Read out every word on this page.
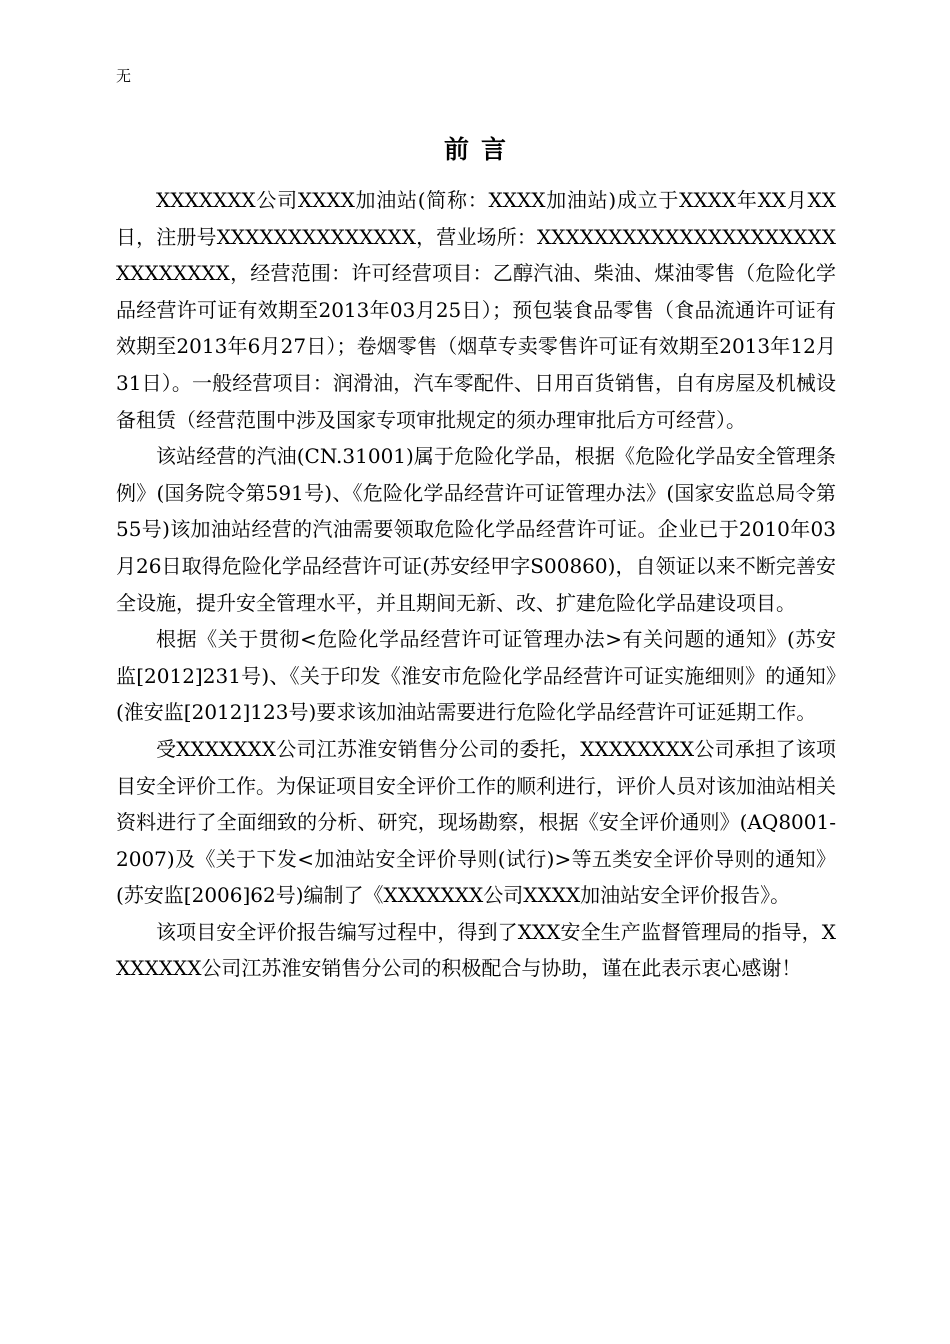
无
前言

XXXXXXX公司XXXX加油站(简称：XXXX加油站)成立于XXXX年XX月XX日，注册号XXXXXXXXXXXXXX，营业场所：XXXXXXXXXXXXXXXXXXXXXXXXXXXXX，经营范围：许可经营项目：乙醇汽油、柴油、煤油零售（危险化学品经营许可证有效期至2013年03月25日）；预包装食品零售（食品流通许可证有效期至2013年6月27日）；卷烟零售（烟草专卖零售许可证有效期至2013年12月31日）。一般经营项目：润滑油，汽车零配件、日用百货销售，自有房屋及机械设备租赁（经营范围中涉及国家专项审批规定的须办理审批后方可经营）。

该站经营的汽油(CN.31001)属于危险化学品，根据《危险化学品安全管理条例》(国务院令第591号)、《危险化学品经营许可证管理办法》(国家安监总局令第55号)该加油站经营的汽油需要领取危险化学品经营许可证。企业已于2010年03月26日取得危险化学品经营许可证(苏安经甲字S00860)，自领证以来不断完善安全设施，提升安全管理水平，并且期间无新、改、扩建危险化学品建设项目。

根据《关于贯彻<危险化学品经营许可证管理办法>有关问题的通知》(苏安监[2012]231号)、《关于印发《淮安市危险化学品经营许可证实施细则》的通知》(淮安监[2012]123号)要求该加油站需要进行危险化学品经营许可证延期工作。

受XXXXXXX公司江苏淮安销售分公司的委托，XXXXXXXX公司承担了该项目安全评价工作。为保证项目安全评价工作的顺利进行，评价人员对该加油站相关资料进行了全面细致的分析、研究，现场勘察，根据《安全评价通则》(AQ8001-2007)及《关于下发<加油站安全评价导则(试行)>等五类安全评价导则的通知》(苏安监[2006]62号)编制了《XXXXXXX公司XXXX加油站安全评价报告》。

该项目安全评价报告编写过程中，得到了XXX安全生产监督管理局的指导，XXXXXXX公司江苏淮安销售分公司的积极配合与协助，谨在此表示衷心感谢！
